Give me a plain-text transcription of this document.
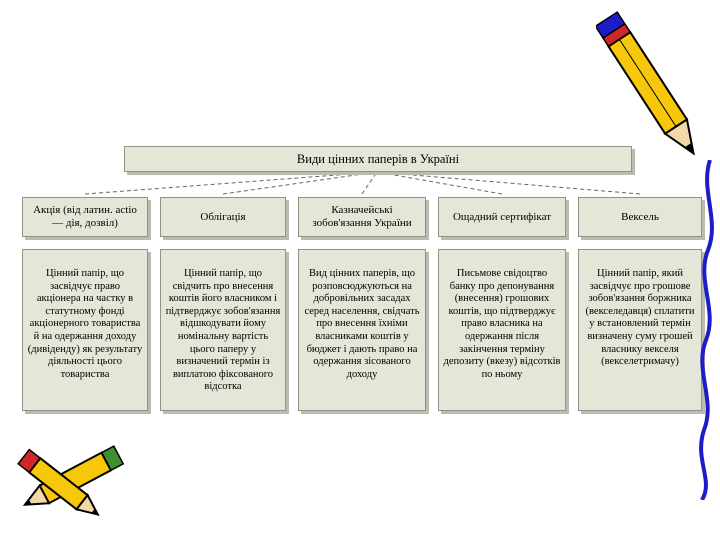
Види цінних паперів в Україні
Акція (від латин. actio — дія, дозвіл)
Облігація
Казначейські зобов'язання України
Ощадний сертифікат	Вексель
Цінний папір, що засвідчує право акціонера на частку в статутному фонді акціонерного товариства й на одержання доходу (дивіденду) як результату діяльності цього товариства
Цінний папір, що свідчить про внесення коштів його власником і підтверджує зобов'язання відшкодувати йому номінальну вартість цього паперу у визначений термін із виплатою фіксованого відсотка
Вид цінних паперів, що розповсюджуються на добровільних засадах серед населення, свідчать про внесення їхніми власниками коштів у бюджет і дають право на одержання зісованого доходу
Письмове свідоцтво банку про депонування (внесення) грошових коштів, що підтверджує право власника на одержання після закінчення терміну депозиту (вкезу) відсотків по ньому
Цінний папір, який засвідчує про грошове зобов'язання боржника (векселедавця) сплатити у встановлений термін визначену суму грошей власнику векселя (векселетримачу)
